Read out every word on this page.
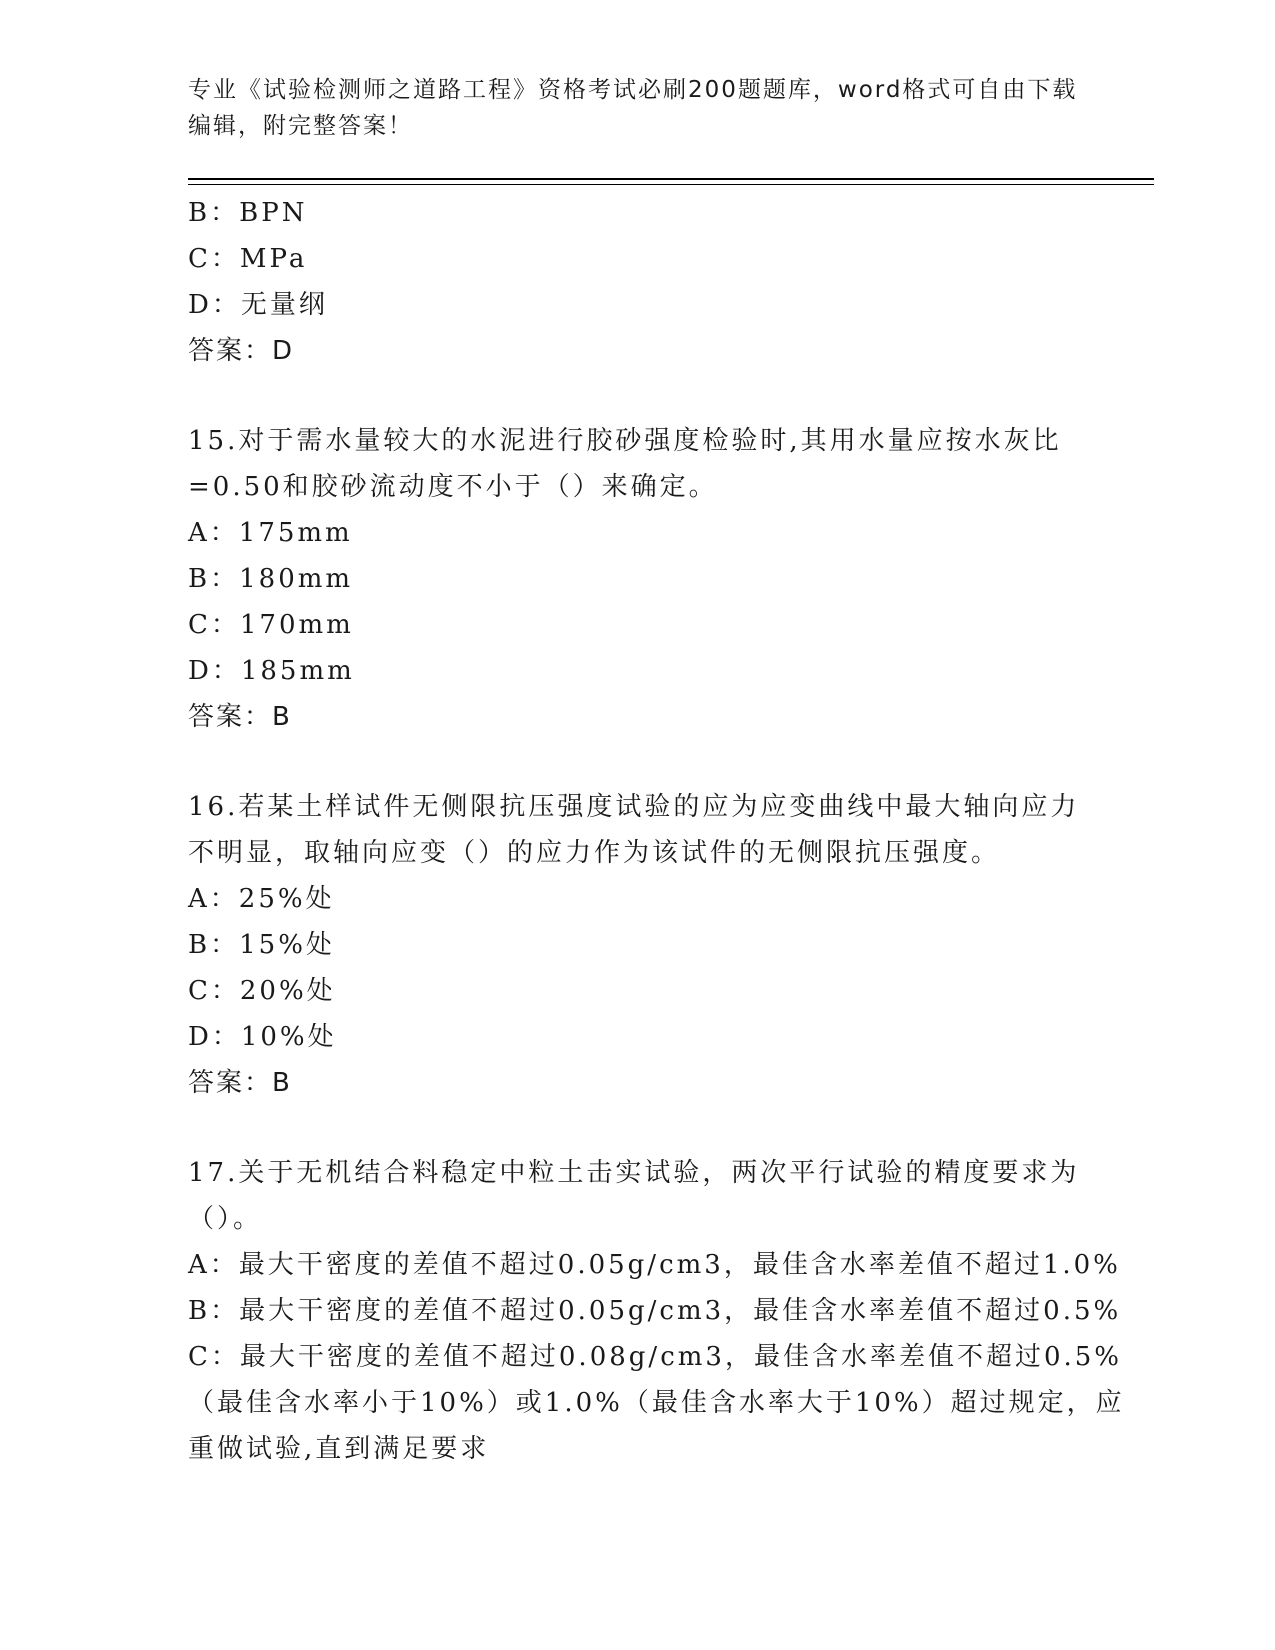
专业《试验检测师之道路工程》资格考试必刷200题题库，word格式可自由下载
编辑，附完整答案！
B：BPN
C：MPa
D：无量纲
答案：D
15.对于需水量较大的水泥进行胶砂强度检验时,其用水量应按水灰比
=0.50和胶砂流动度不小于（）来确定。
A：175mm
B：180mm
C：170mm
D：185mm
答案：B
16.若某土样试件无侧限抗压强度试验的应为应变曲线中最大轴向应力
不明显，取轴向应变（）的应力作为该试件的无侧限抗压强度。
A：25%处
B：15%处
C：20%处
D：10%处
答案：B
17.关于无机结合料稳定中粒土击实试验，两次平行试验的精度要求为
（）。
A：最大干密度的差值不超过0.05g/cm3，最佳含水率差值不超过1.0%
B：最大干密度的差值不超过0.05g/cm3，最佳含水率差值不超过0.5%
C：最大干密度的差值不超过0.08g/cm3，最佳含水率差值不超过0.5%
（最佳含水率小于10%）或1.0%（最佳含水率大于10%）超过规定，应
重做试验,直到满足要求
